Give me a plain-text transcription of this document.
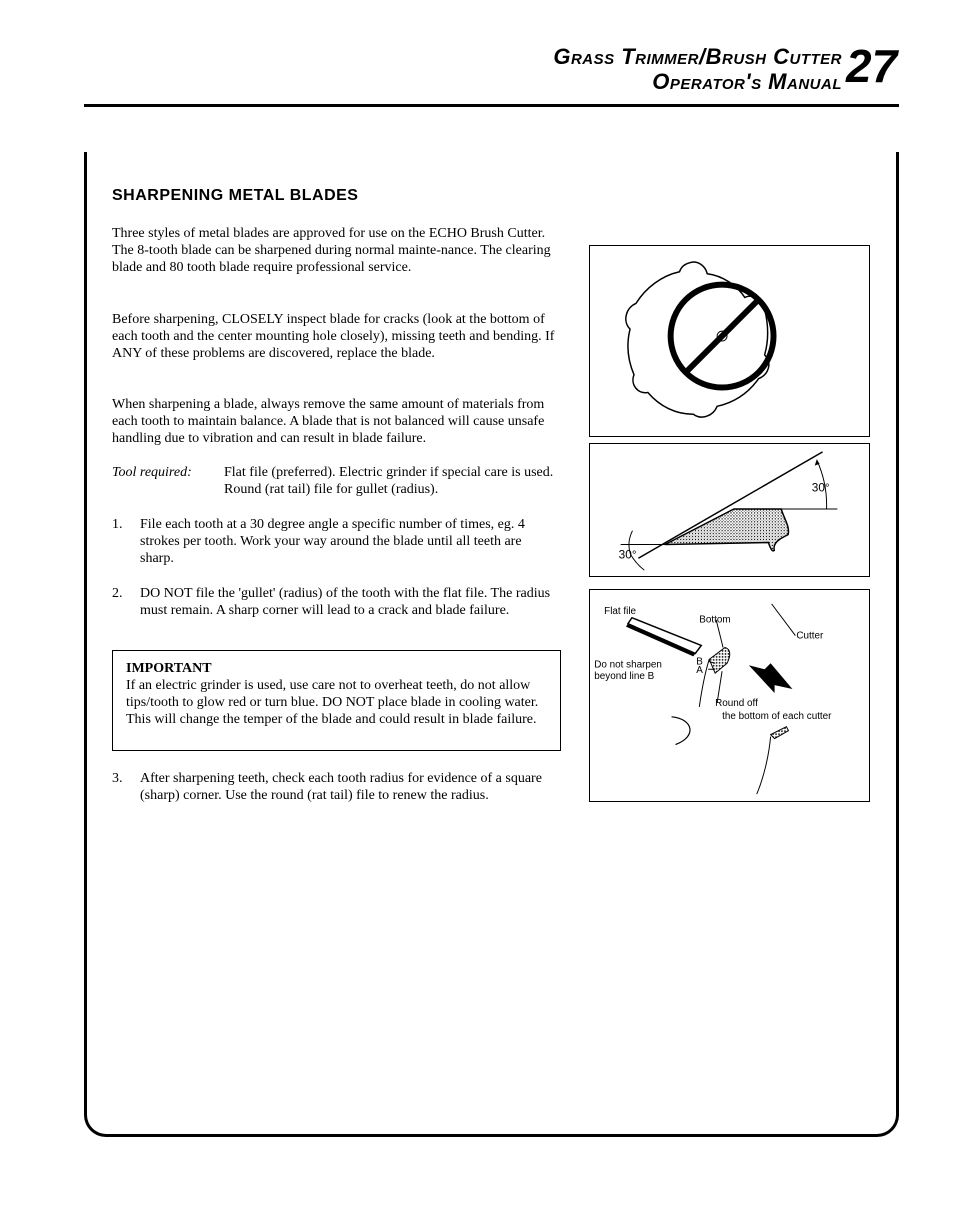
Grass Trimmer/Brush Cutter
Operator's Manual 27
SHARPENING METAL BLADES
Three styles of metal blades are approved for use on the ECHO Brush Cutter. The 8-tooth blade can be sharpened during normal mainte-nance. The clearing blade and 80 tooth blade require professional service.
Before sharpening, CLOSELY inspect blade for cracks (look at the bottom of each tooth and the center mounting hole closely), missing teeth and bending. If ANY of these problems are discovered, replace the blade.
When sharpening a blade, always remove the same amount of materials from each tooth to maintain balance. A blade that is not balanced will cause unsafe handling due to vibration and can result in blade failure.
Tool required: Flat file (preferred). Electric grinder if special care is used. Round (rat tail) file for gullet (radius).
1. File each tooth at a 30 degree angle a specific number of times, eg. 4 strokes per tooth. Work your way around the blade until all teeth are sharp.
2. DO NOT file the 'gullet' (radius) of the tooth with the flat file. The radius must remain. A sharp corner will lead to a crack and blade failure.
IMPORTANT
If an electric grinder is used, use care not to overheat teeth, do not allow tips/tooth to glow red or turn blue. DO NOT place blade in cooling water. This will change the temper of the blade and could result in blade failure.
3. After sharpening teeth, check each tooth radius for evidence of a square (sharp) corner. Use the round (rat tail) file to renew the radius.
30°
30°
Flat file
Bottom
Cutter
Do not sharpen
beyond line B
B
A
Round off
the bottom of each cutter
